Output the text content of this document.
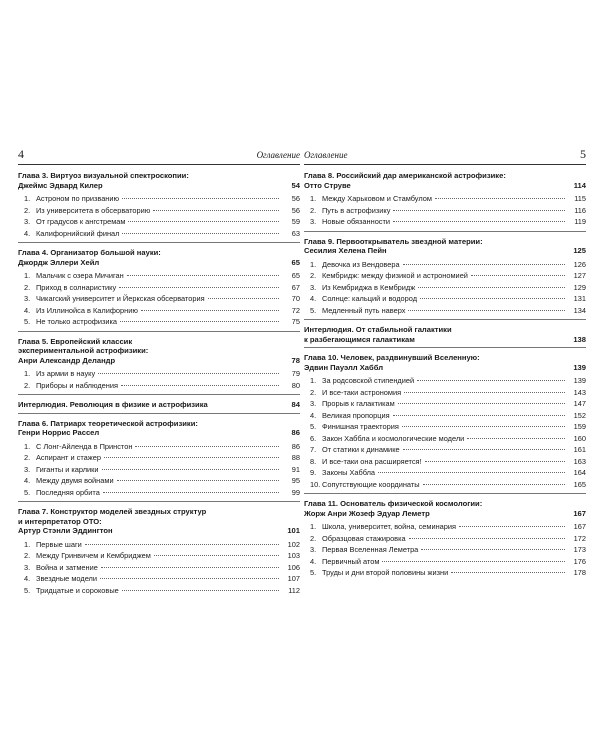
4	Оглавление
Глава 3. Виртуоз визуальной спектроскопии:
Джеймс Эдвард Килер	54
1. Астроном по призванию	56
2. Из университета в обсерваторию	56
3. От градусов к ангстремам	59
4. Калифорнийский финал	63
Глава 4. Организатор большой науки:
Джордж Эллери Хейл	65
1. Мальчик с озера Мичиган	65
2. Приход в солнаристику	67
3. Чикагский университет и Йеркская обсерватория	70
4. Из Иллинойса в Калифорнию	72
5. Не только астрофизика	75
Глава 5. Европейский классик
экспериментальной астрофизики:
Анри Александр Деландр	78
1. Из армии в науку	79
2. Приборы и наблюдения	80
Интерлюдия. Революция в физике и астрофизика	84
Глава 6. Патриарх теоретической астрофизики:
Генри Норрис Рассел	86
1. С Лонг-Айленда в Принстон	86
2. Аспирант и стажер	88
3. Гиганты и карлики	91
4. Между двумя войнами	95
5. Последняя орбита	99
Глава 7. Конструктор моделей звездных структур
и интерпретатор ОТО:
Артур Стэнли Эддингтон	101
1. Первые шаги	102
2. Между Гринвичем и Кембриджем	103
3. Война и затмение	106
4. Звездные модели	107
5. Тридцатые и сороковые	112
5
Оглавление
Глава 8. Российский дар американской астрофизике:
Отто Струве	114
1. Между Харьковом и Стамбулом	115
2. Путь в астрофизику	116
3. Новые обязанности	119
Глава 9. Первооткрыватель звездной материи:
Сесилия Хелена Пейн	125
1. Девочка из Вендовера	126
2. Кембридж: между физикой и астрономией	127
3. Из Кембриджа в Кембридж	129
4. Солнце: кальций и водород	131
5. Медленный путь наверх	134
Интерлюдия. От стабильной галактики
к разбегающимся галактикам	138
Глава 10. Человек, раздвинувший Вселенную:
Эдвин Пауэлл Хаббл	139
1. За родсовской стипендией	139
2. И все-таки астрономия	143
3. Прорыв к галактикам	147
4. Великая пропорция	152
5. Финишная траектория	159
6. Закон Хаббла и космологические модели	160
7. От статики к динамике	161
8. И все-таки она расширяется!	163
9. Законы Хаббла	164
10. Сопутствующие координаты	165
Глава 11. Основатель физической космологии:
Жорж Анри Жозеф Эдуар Леметр	167
1. Школа, университет, война, семинария	167
2. Образцовая стажировка	172
3. Первая Вселенная Леметра	173
4. Первичный атом	176
5. Труды и дни второй половины жизни	178
